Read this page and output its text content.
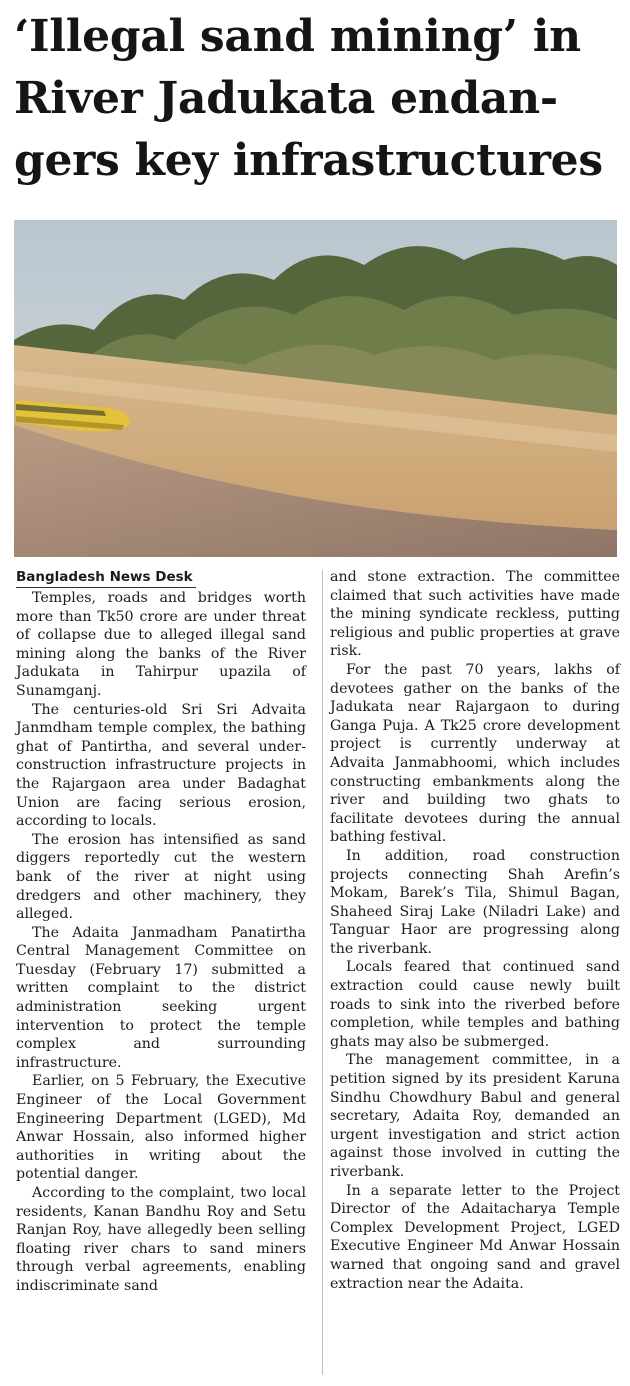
‘Illegal sand mining’ in
River Jadukata endan-
gers key infrastructures
Bangladesh News Desk

Temples, roads and bridges worth more than Tk50 crore are under threat of collapse due to alleged illegal sand mining along the banks of the River Jadukata in Tahirpur upazila of Sunamganj.

The centuries-old Sri Sri Advaita Janmdham temple complex, the bathing ghat of Pantirtha, and several under-construction infrastructure projects in the Rajargaon area under Badaghat Union are facing serious erosion, according to locals.

The erosion has intensified as sand diggers reportedly cut the western bank of the river at night using dredgers and other machinery, they alleged.

The Adaita Janmadham Panatirtha Central Management Committee on Tuesday (February 17) submitted a written complaint to the district administration seeking urgent intervention to protect the temple complex and surrounding infrastructure.

Earlier, on 5 February, the Executive Engineer of the Local Government Engineering Department (LGED), Md Anwar Hossain, also informed higher authorities in writing about the potential danger.

According to the complaint, two local residents, Kanan Bandhu Roy and Setu Ranjan Roy, have allegedly been selling floating river chars to sand miners through verbal agreements, enabling indiscriminate sand

and stone extraction. The committee claimed that such activities have made the mining syndicate reckless, putting religious and public properties at grave risk.

For the past 70 years, lakhs of devotees gather on the banks of the Jadukata near Rajargaon to during Ganga Puja. A Tk25 crore development project is currently underway at Advaita Janmabhoomi, which includes constructing embankments along the river and building two ghats to facilitate devotees during the annual bathing festival.

In addition, road construction projects connecting Shah Arefin’s Mokam, Barek’s Tila, Shimul Bagan, Shaheed Siraj Lake (Niladri Lake) and Tanguar Haor are progressing along the riverbank.

Locals feared that continued sand extraction could cause newly built roads to sink into the riverbed before completion, while temples and bathing ghats may also be submerged.

The management committee, in a petition signed by its president Karuna Sindhu Chowdhury Babul and general secretary, Adaita Roy, demanded an urgent investigation and strict action against those involved in cutting the riverbank.

In a separate letter to the Project Director of the Adaitacharya Temple Complex Development Project, LGED Executive Engineer Md Anwar Hossain warned that ongoing sand and gravel extraction near the Adaita.
